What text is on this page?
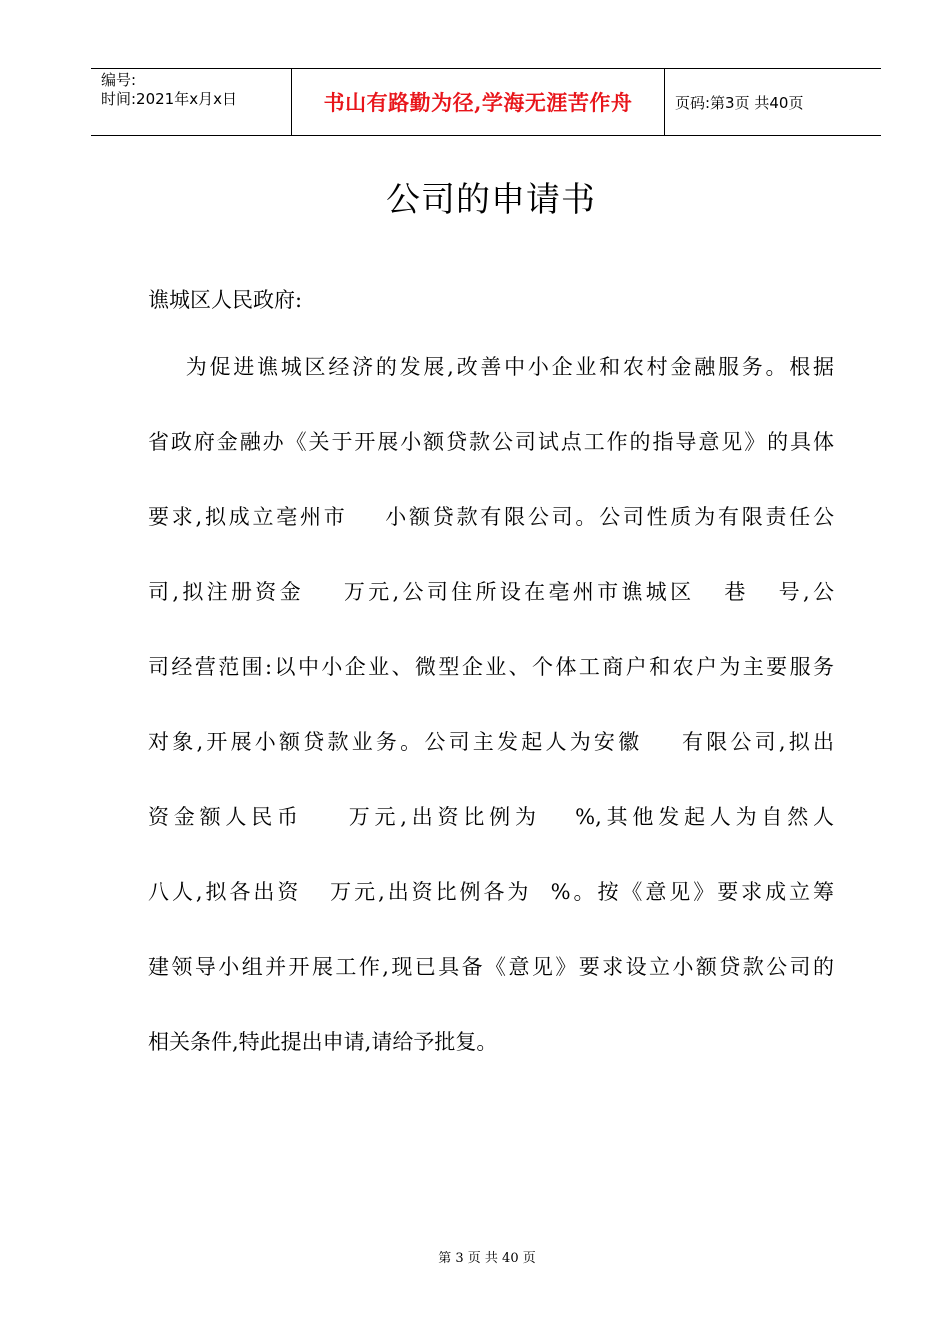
编号:
时间:2021年x月x日	书山有路勤为径,学海无涯苦作舟	页码:第3页 共40页
公司的申请书
谯城区人民政府:
为促进谯城区经济的发展,改善中小企业和农村金融服务。根据
省政府金融办《关于开展小额贷款公司试点工作的指导意见》的具体
要求,拟成立亳州市    小额贷款有限公司。公司性质为有限责任公
司,拟注册资金    万元,公司住所设在亳州市谯城区   巷   号,公
司经营范围:以中小企业、微型企业、个体工商户和农户为主要服务
对象,开展小额贷款业务。公司主发起人为安徽    有限公司,拟出
资金额人民币    万元,出资比例为   %,其他发起人为自然人
八人,拟各出资   万元,出资比例各为  %。按《意见》要求成立筹
建领导小组并开展工作,现已具备《意见》要求设立小额贷款公司的
相关条件,特此提出申请,请给予批复。
第 3 页 共 40 页
